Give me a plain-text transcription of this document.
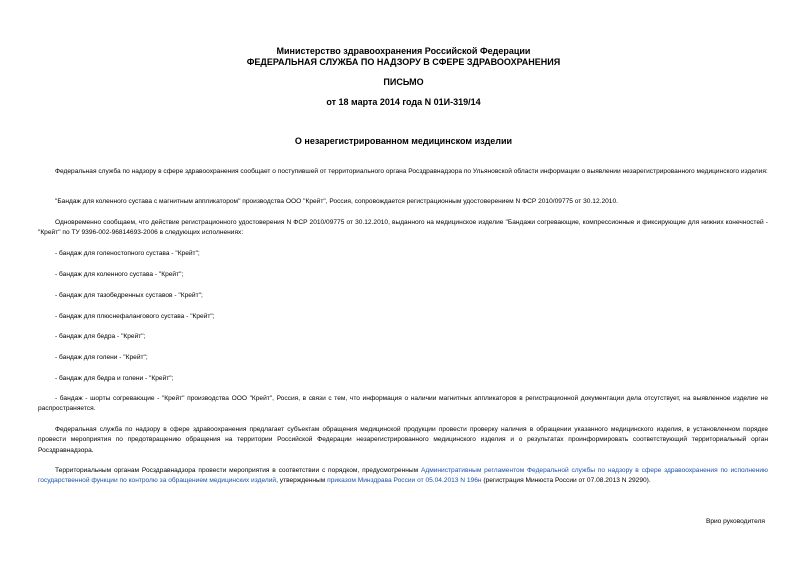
Министерство здравоохранения Российской Федерации
ФЕДЕРАЛЬНАЯ СЛУЖБА ПО НАДЗОРУ В СФЕРЕ ЗДРАВООХРАНЕНИЯ
ПИСЬМО
от 18 марта 2014 года N 01И-319/14
О незарегистрированном медицинском изделии

Федеральная служба по надзору в сфере здравоохранения сообщает о поступившей от территориального органа Росздравнадзора по Ульяновской области информации о выявлении незарегистрированного медицинского изделия:

"Бандаж для коленного сустава с магнитным аппликатором" производства ООО "Крейт", Россия, сопровождается регистрационным удостоверением N ФСР 2010/09775 от 30.12.2010.

Одновременно сообщаем, что действие регистрационного удостоверения N ФСР 2010/09775 от 30.12.2010, выданного на медицинское изделие "Бандажи согревающие, компрессионные и фиксирующие для нижних конечностей - "Крейт" по ТУ 9396-002-96814693-2006 в следующих исполнениях:

- бандаж для голеностопного сустава - "Крейт";

- бандаж для коленного сустава - "Крейт";

- бандаж для тазобедренных суставов - "Крейт";

- бандаж для плюснефалангового сустава - "Крейт";

- бандаж для бедра - "Крейт";

- бандаж для голени - "Крейт";

- бандаж для бедра и голени - "Крейт";

- бандаж - шорты согревающие - "Крейт" производства ООО "Крейт", Россия, в связи с тем, что информация о наличии магнитных аппликаторов в регистрационной документации дела отсутствует, на выявленное изделие не распространяется.

Федеральная служба по надзору в сфере здравоохранения предлагает субъектам обращения медицинской продукции провести проверку наличия в обращении указанного медицинского изделия, в установленном порядке провести мероприятия по предотвращению обращения на территории Российской Федерации незарегистрированного медицинского изделия и о результатах проинформировать соответствующий территориальный орган Росздравнадзора.

Территориальным органам Росздравнадзора провести мероприятия в соответствии с порядком, предусмотренным Административным регламентом Федеральной службы по надзору в сфере здравоохранения по исполнению государственной функции по контролю за обращением медицинских изделий, утвержденным приказом Минздрава России от 05.04.2013 N 196н (регистрация Минюста России от 07.08.2013 N 29290).

Врио руководителя
